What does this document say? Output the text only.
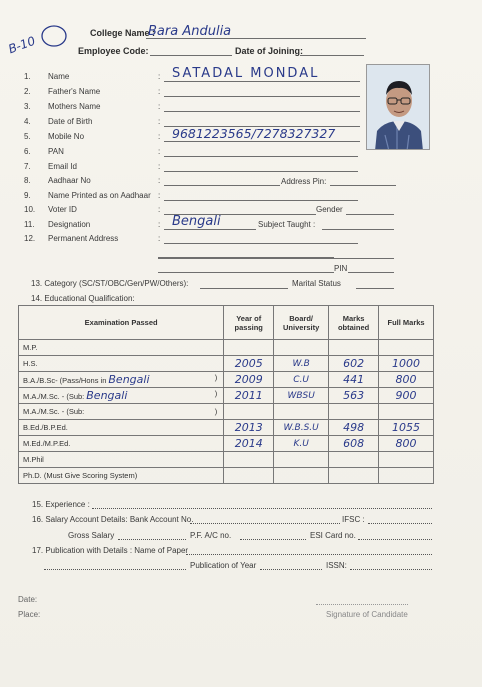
B-10
College Name :
Bara Andulia
Employee Code:	Date of Joining:
1. Name	: SATADAL MONDAL
2. Father's Name	:
3. Mothers Name	:
4. Date of Birth	:
5. Mobile No	: 9681223565/7278327327
6. PAN	:
7. Email Id	:
8. Aadhaar No	:
9. Name Printed as on Aadhaar :
10. Voter ID	:
11. Designation	: Bengali
12. Permanent Address	:
Address Pin:
Gender
Subject Taught :
PIN
13. Category (SC/ST/OBC/Gen/PW/Others):	Marital Status
14. Educational Qualification:
Examination Passed	Year of passing	Board/ University	Marks obtained	Full Marks
M.P.				
H.S.	2005	W.B	602	1000
B.A./B.Sc- (Pass/Hons in Bengali )	2009	C.U	441	800
M.A./M.Sc. - (Sub: Bengali )	2011	WBSU	563	900
M.A./M.Sc. - (Sub: )				

B.Ed./B.P.Ed.	2013	W.B.S.U	498	1055
M.Ed./M.P.Ed.	2014	K.U	608	800
M.Phil				
Ph.D. (Must Give Scoring System)				
15. Experience :
16. Salary Account Details: Bank Account No.	IFSC :
Gross Salary	P.F. A/C no.	ESI Card no.
17. Publication with Details : Name of Paper
Publication of Year	ISSN:
Date:
Place:	Signature of Candidate
